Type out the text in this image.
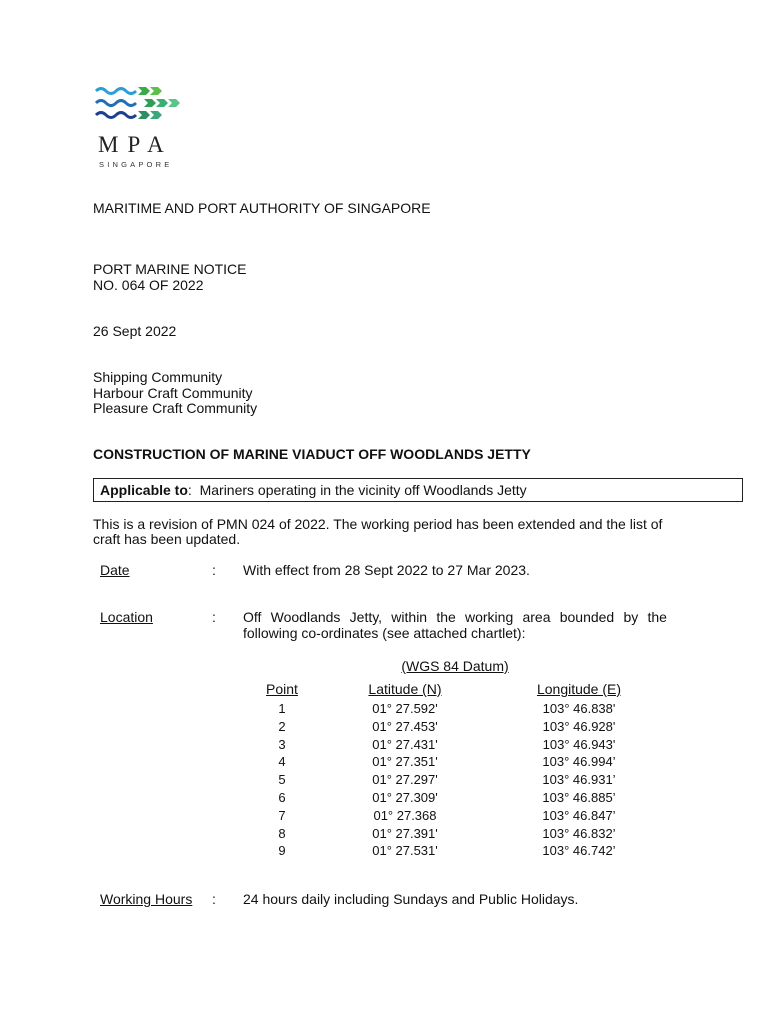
MPA
SINGAPORE
MARITIME AND PORT AUTHORITY OF SINGAPORE
PORT MARINE NOTICE
NO. 064 OF 2022
26 Sept 2022
Shipping Community
Harbour Craft Community
Pleasure Craft Community
CONSTRUCTION OF MARINE VIADUCT OFF WOODLANDS JETTY
Applicable to: Mariners operating in the vicinity off Woodlands Jetty
This is a revision of PMN 024 of 2022. The working period has been extended and the list of
craft has been updated.
Date	: With effect from 28 Sept 2022 to 27 Mar 2023.
Location	: Off Woodlands Jetty, within the working area bounded by the
following co-ordinates (see attached chartlet):
(WGS 84 Datum)
Point	Latitude (N)	Longitude (E)
1	01° 27.592'	103° 46.838'
2	01° 27.453'	103° 46.928'
3	01° 27.431'	103° 46.943'
4	01° 27.351'	103° 46.994’
5	01° 27.297'	103° 46.931’
6	01° 27.309'	103° 46.885’
7	01° 27.368	103° 46.847’
8	01° 27.391'	103° 46.832’
9	01° 27.531'	103° 46.742’
Working Hours : 24 hours daily including Sundays and Public Holidays.
